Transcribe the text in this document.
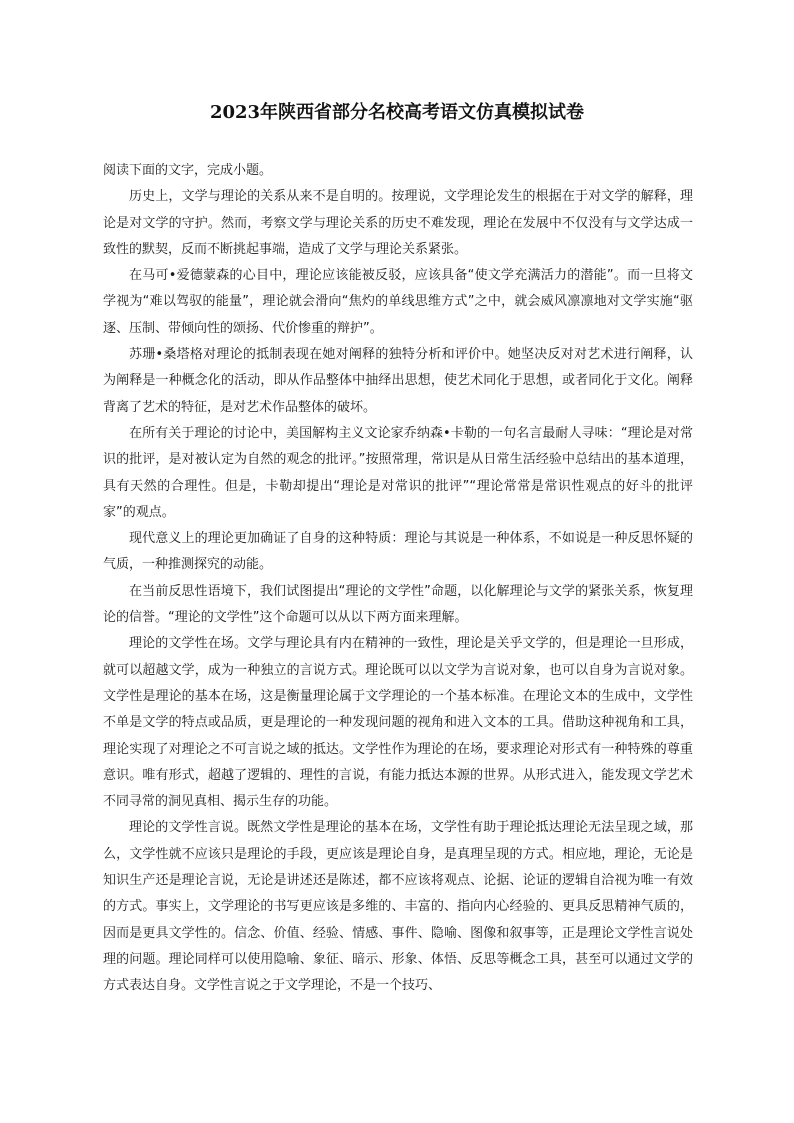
2023年陕西省部分名校高考语文仿真模拟试卷

阅读下面的文字，完成小题。

历史上，文学与理论的关系从来不是自明的。按理说，文学理论发生的根据在于对文学的解释，理论是对文学的守护。然而，考察文学与理论关系的历史不难发现，理论在发展中不仅没有与文学达成一致性的默契，反而不断挑起事端，造成了文学与理论关系紧张。

在马可•爱德蒙森的心目中，理论应该能被反驳，应该具备“使文学充满活力的潜能”。而一旦将文学视为“难以驾驭的能量”，理论就会滑向“焦灼的单线思维方式”之中，就会威风凛凛地对文学实施“驱逐、压制、带倾向性的颂扬、代价惨重的辩护”。

苏珊•桑塔格对理论的抵制表现在她对阐释的独特分析和评价中。她坚决反对对艺术进行阐释，认为阐释是一种概念化的活动，即从作品整体中抽绎出思想，使艺术同化于思想，或者同化于文化。阐释背离了艺术的特征，是对艺术作品整体的破坏。

在所有关于理论的讨论中，美国解构主义文论家乔纳森•卡勒的一句名言最耐人寻味：“理论是对常识的批评，是对被认定为自然的观念的批评。”按照常理，常识是从日常生活经验中总结出的基本道理，具有天然的合理性。但是，卡勒却提出“理论是对常识的批评”“理论常常是常识性观点的好斗的批评家”的观点。

现代意义上的理论更加确证了自身的这种特质：理论与其说是一种体系，不如说是一种反思怀疑的气质，一种推测探究的动能。

在当前反思性语境下，我们试图提出“理论的文学性”命题，以化解理论与文学的紧张关系，恢复理论的信誉。“理论的文学性”这个命题可以从以下两方面来理解。

理论的文学性在场。文学与理论具有内在精神的一致性，理论是关乎文学的，但是理论一旦形成，就可以超越文学，成为一种独立的言说方式。理论既可以以文学为言说对象，也可以自身为言说对象。文学性是理论的基本在场，这是衡量理论属于文学理论的一个基本标准。在理论文本的生成中，文学性不单是文学的特点或品质，更是理论的一种发现问题的视角和进入文本的工具。借助这种视角和工具，理论实现了对理论之不可言说之域的抵达。文学性作为理论的在场，要求理论对形式有一种特殊的尊重意识。唯有形式，超越了逻辑的、理性的言说，有能力抵达本源的世界。从形式进入，能发现文学艺术不同寻常的洞见真相、揭示生存的功能。

理论的文学性言说。既然文学性是理论的基本在场，文学性有助于理论抵达理论无法呈现之域，那么，文学性就不应该只是理论的手段，更应该是理论自身，是真理呈现的方式。相应地，理论，无论是知识生产还是理论言说，无论是讲述还是陈述，都不应该将观点、论据、论证的逻辑自洽视为唯一有效的方式。事实上，文学理论的书写更应该是多维的、丰富的、指向内心经验的、更具反思精神气质的，因而是更具文学性的。信念、价值、经验、情感、事件、隐喻、图像和叙事等，正是理论文学性言说处理的问题。理论同样可以使用隐喻、象征、暗示、形象、体悟、反思等概念工具，甚至可以通过文学的方式表达自身。文学性言说之于文学理论，不是一个技巧、
